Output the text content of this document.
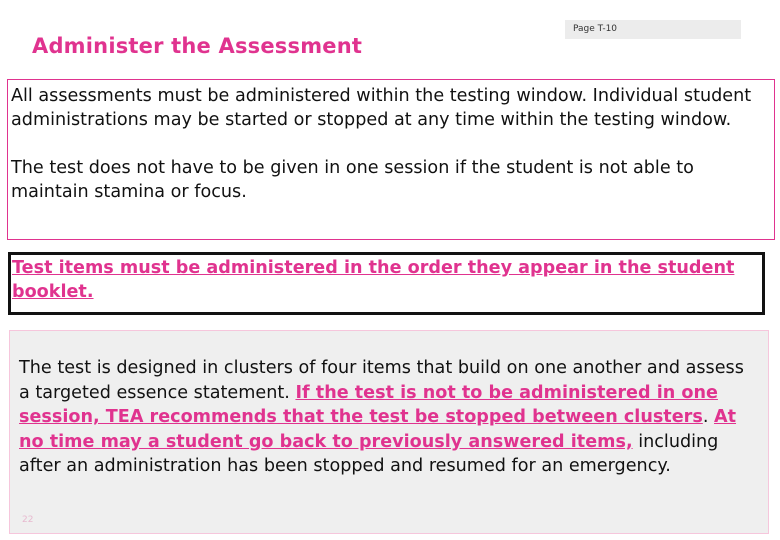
Administer the Assessment
Page T-10

All assessments must be administered within the testing window. Individual student administrations may be started or stopped at any time within the testing window.

The test does not have to be given in one session if the student is not able to maintain stamina or focus.

Test items must be administered in the order they appear in the student booklet.
The test is designed in clusters of four items that build on one another and assess a targeted essence statement. If the test is not to be administered in one session, TEA recommends that the test be stopped between clusters. At no time may a student go back to previously answered items, including after an administration has been stopped and resumed for an emergency.
22
